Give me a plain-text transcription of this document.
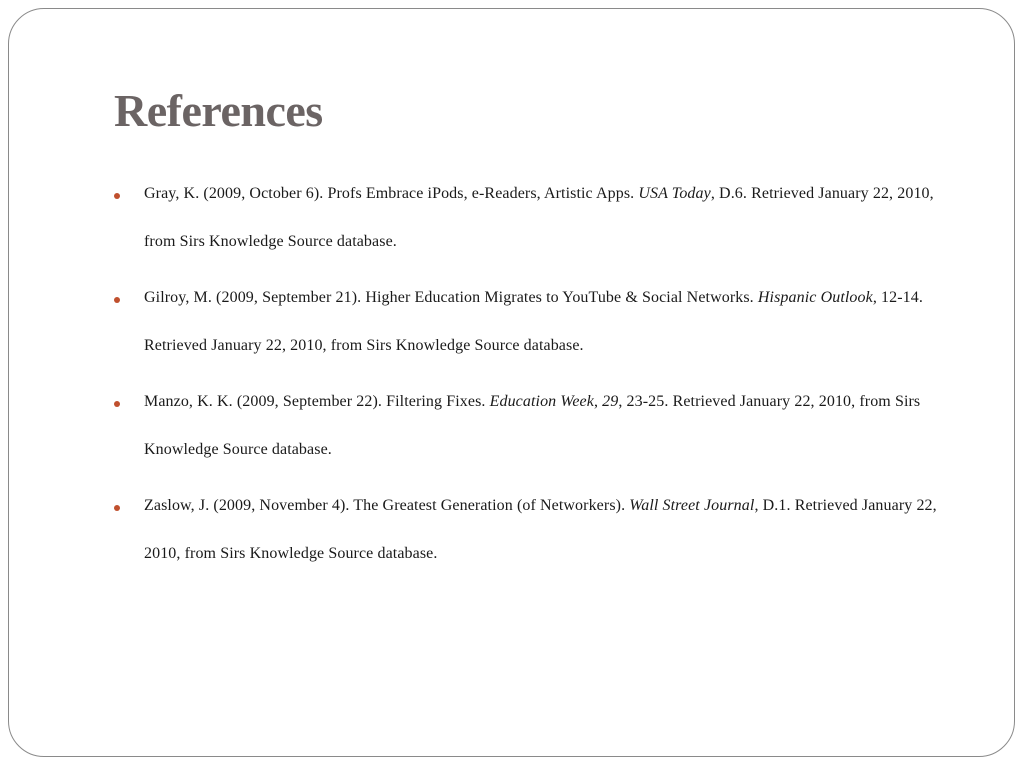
References
Gray, K. (2009, October 6). Profs Embrace iPods, e-Readers, Artistic Apps. USA Today, D.6. Retrieved January 22, 2010, from Sirs Knowledge Source database.
Gilroy, M. (2009, September 21). Higher Education Migrates to YouTube & Social Networks. Hispanic Outlook, 12-14. Retrieved January 22, 2010, from Sirs Knowledge Source database.
Manzo, K. K. (2009, September 22). Filtering Fixes. Education Week, 29, 23-25. Retrieved January 22, 2010, from Sirs Knowledge Source database.
Zaslow, J. (2009, November 4). The Greatest Generation (of Networkers). Wall Street Journal, D.1. Retrieved January 22, 2010, from Sirs Knowledge Source database.
